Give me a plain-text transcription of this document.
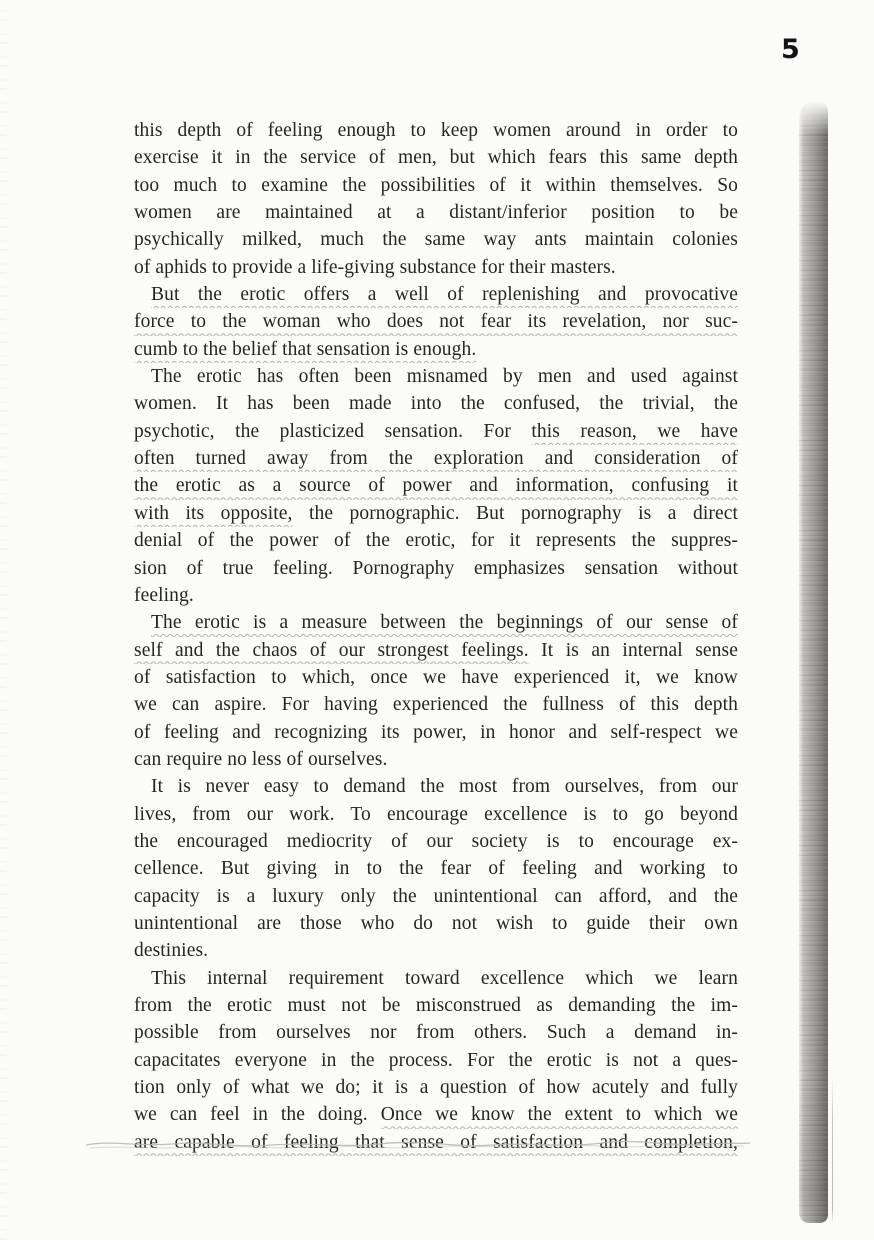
5
this depth of feeling enough to keep women around in order to
exercise it in the service of men, but which fears this same depth
too much to examine the possibilities of it within themselves. So
women are maintained at a distant/inferior position to be
psychically milked, much the same way ants maintain colonies
of aphids to provide a life-giving substance for their masters.
But the erotic offers a well of replenishing and provocative
force to the woman who does not fear its revelation, nor suc-
cumb to the belief that sensation is enough.
The erotic has often been misnamed by men and used against
women. It has been made into the confused, the trivial, the
psychotic, the plasticized sensation. For this reason, we have
often turned away from the exploration and consideration of
the erotic as a source of power and information, confusing it
with its opposite, the pornographic. But pornography is a direct
denial of the power of the erotic, for it represents the suppres-
sion of true feeling. Pornography emphasizes sensation without
feeling.
The erotic is a measure between the beginnings of our sense of
self and the chaos of our strongest feelings. It is an internal sense
of satisfaction to which, once we have experienced it, we know
we can aspire. For having experienced the fullness of this depth
of feeling and recognizing its power, in honor and self-respect we
can require no less of ourselves.
It is never easy to demand the most from ourselves, from our
lives, from our work. To encourage excellence is to go beyond
the encouraged mediocrity of our society is to encourage ex-
cellence. But giving in to the fear of feeling and working to
capacity is a luxury only the unintentional can afford, and the
unintentional are those who do not wish to guide their own
destinies.
This internal requirement toward excellence which we learn
from the erotic must not be misconstrued as demanding the im-
possible from ourselves nor from others. Such a demand in-
capacitates everyone in the process. For the erotic is not a ques-
tion only of what we do; it is a question of how acutely and fully
we can feel in the doing. Once we know the extent to which we
are capable of feeling that sense of satisfaction and completion,
